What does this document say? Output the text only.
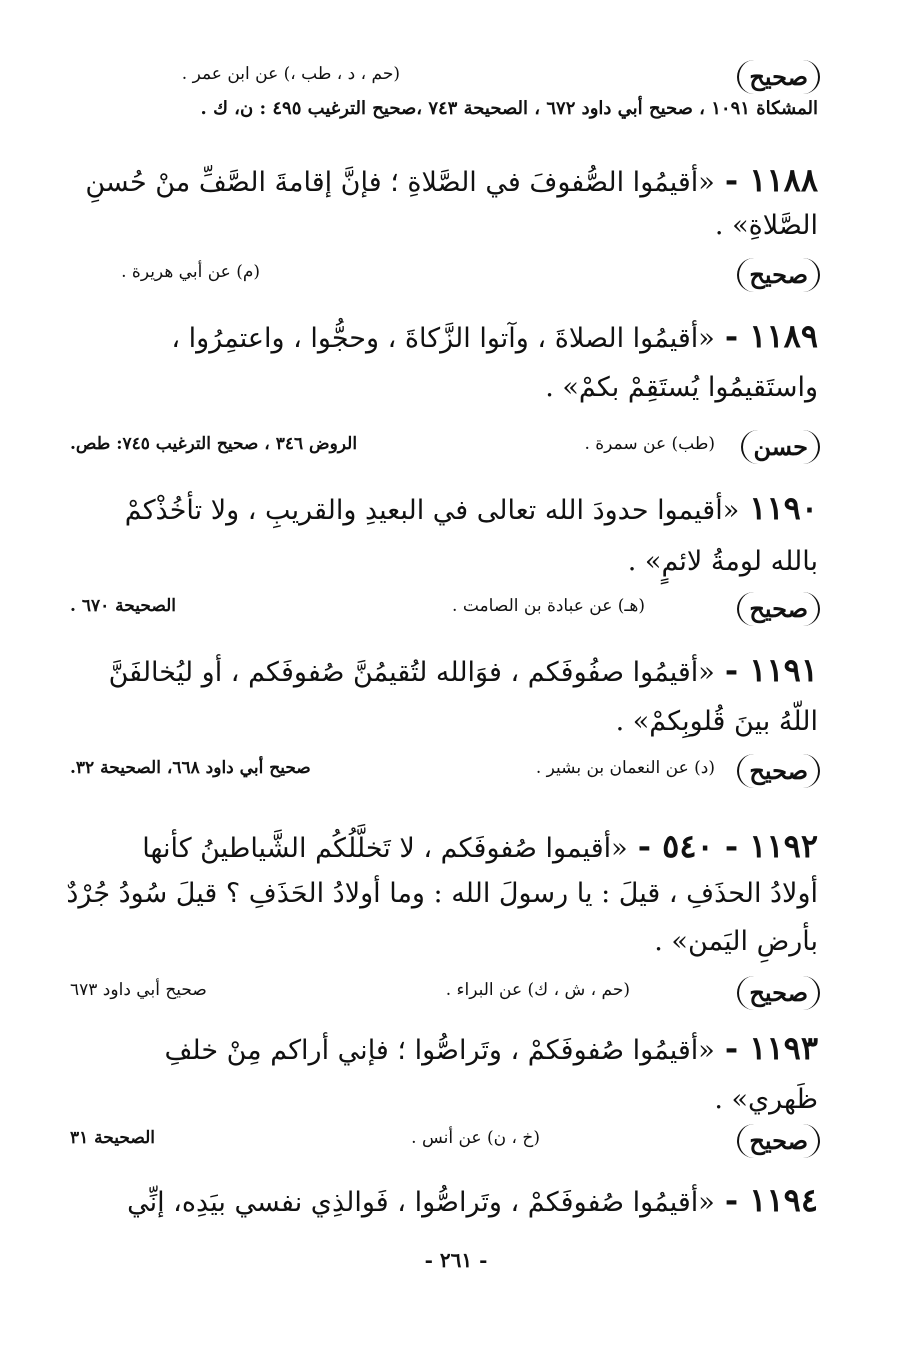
صحيح
(حم ، د ، طب ،) عن ابن عمر .
المشكاة ١٠٩١ ، صحيح أبي داود ٦٧٢ ، الصحيحة ٧٤٣ ،صحيح الترغيب ٤٩٥ : ن، ك .
١١٨٨ -«أقيمُوا الصُّفوفَ في الصَّلاةِ ؛ فإنَّ إقامةَ الصَّفِّ منْ حُسنِ
الصَّلاةِ» .
صحيح
(م) عن أبي هريرة .
١١٨٩ -«أقيمُوا الصلاةَ ، وآتوا الزَّكاةَ ، وحجُّوا ، واعتمِرُوا ،
واستَقيمُوا يُستَقِمْ بكمْ» .
حسن
(طب) عن سمرة .
الروض ٣٤٦ ، صحيح الترغيب ٧٤٥: طص.
١١٩٠«أقيموا حدودَ الله تعالى في البعيدِ والقريبِ ، ولا تأخُذْكمْ
بالله لومةُ لائمٍ» .
صحيح
(هـ) عن عبادة بن الصامت .
الصحيحة ٦٧٠ .
١١٩١ -«أقيمُوا صفُوفَكم ، فوَالله لتُقيمُنَّ صُفوفَكم ، أو ليُخالفَنَّ
اللّهُ بينَ قُلوبِكمْ» .
صحيح
(د) عن النعمان بن بشير .
صحيح أبي داود ٦٦٨، الصحيحة ٣٢.
١١٩٢ - ٥٤٠ -«أقيموا صُفوفَكم ، لا تَخلَّلُكُم الشَّياطينُ كأنها
أولادُ الحذَفِ ، قيلَ : يا رسولَ الله : وما أولادُ الحَذَفِ ؟ قيلَ سُودُ جُرْدٌ
بأرضِ اليَمن» .
صحيح
(حم ، ش ، ك) عن البراء .
صحيح أبي داود ٦٧٣
١١٩٣ -«أقيمُوا صُفوفَكمْ ، وتَراصُّوا ؛ فإني أراكم مِنْ خلفِ
ظَهري» .
صحيح
(خ ، ن) عن أنس .
الصحيحة ٣١
١١٩٤ -«أقيمُوا صُفوفَكمْ ، وتَراصُّوا ، فَوالذِي نفسي بيَدِه، إنِّي
- ٢٦١ -
